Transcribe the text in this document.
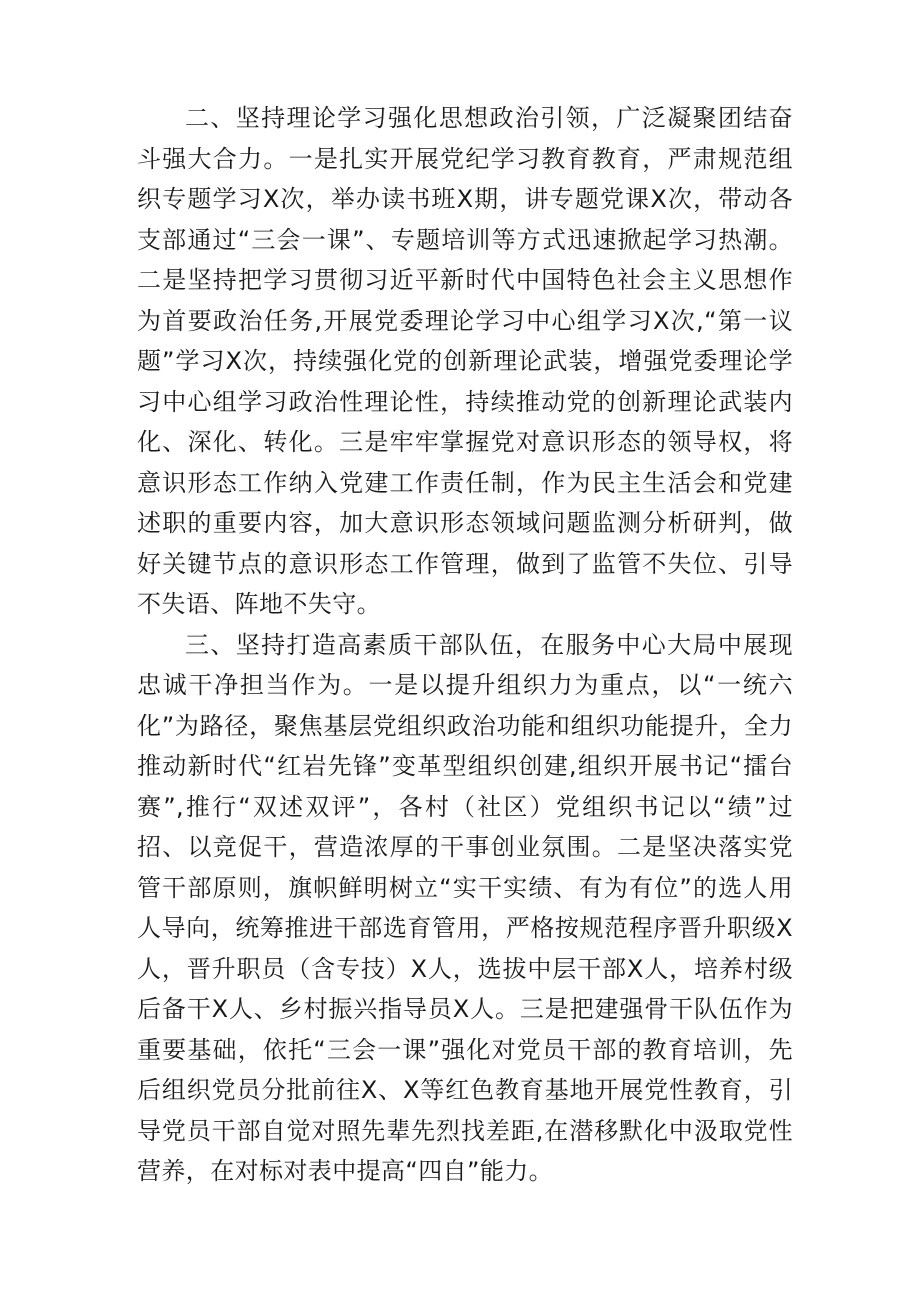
二、坚持理论学习强化思想政治引领，广泛凝聚团结奋斗强大合力。一是扎实开展党纪学习教育教育，严肃规范组织专题学习X次，举办读书班X期，讲专题党课X次，带动各支部通过“三会一课”、专题培训等方式迅速掀起学习热潮。二是坚持把学习贯彻习近平新时代中国特色社会主义思想作为首要政治任务,开展党委理论学习中心组学习X次,“第一议题”学习X次，持续强化党的创新理论武装，增强党委理论学习中心组学习政治性理论性，持续推动党的创新理论武装内化、深化、转化。三是牢牢掌握党对意识形态的领导权，将意识形态工作纳入党建工作责任制，作为民主生活会和党建述职的重要内容，加大意识形态领域问题监测分析研判，做好关键节点的意识形态工作管理，做到了监管不失位、引导不失语、阵地不失守。

三、坚持打造高素质干部队伍，在服务中心大局中展现忠诚干净担当作为。一是以提升组织力为重点，以“一统六化”为路径，聚焦基层党组织政治功能和组织功能提升，全力推动新时代“红岩先锋”变革型组织创建,组织开展书记“擂台赛”,推行“双述双评”，各村（社区）党组织书记以“绩”过招、以竞促干，营造浓厚的干事创业氛围。二是坚决落实党管干部原则，旗帜鲜明树立“实干实绩、有为有位”的选人用人导向，统筹推进干部选育管用，严格按规范程序晋升职级X人，晋升职员（含专技）X人，选拔中层干部X人，培养村级后备干X人、乡村振兴指导员X人。三是把建强骨干队伍作为重要基础，依托“三会一课”强化对党员干部的教育培训，先后组织党员分批前往X、X等红色教育基地开展党性教育，引导党员干部自觉对照先辈先烈找差距,在潜移默化中汲取党性营养，在对标对表中提高“四自”能力。
